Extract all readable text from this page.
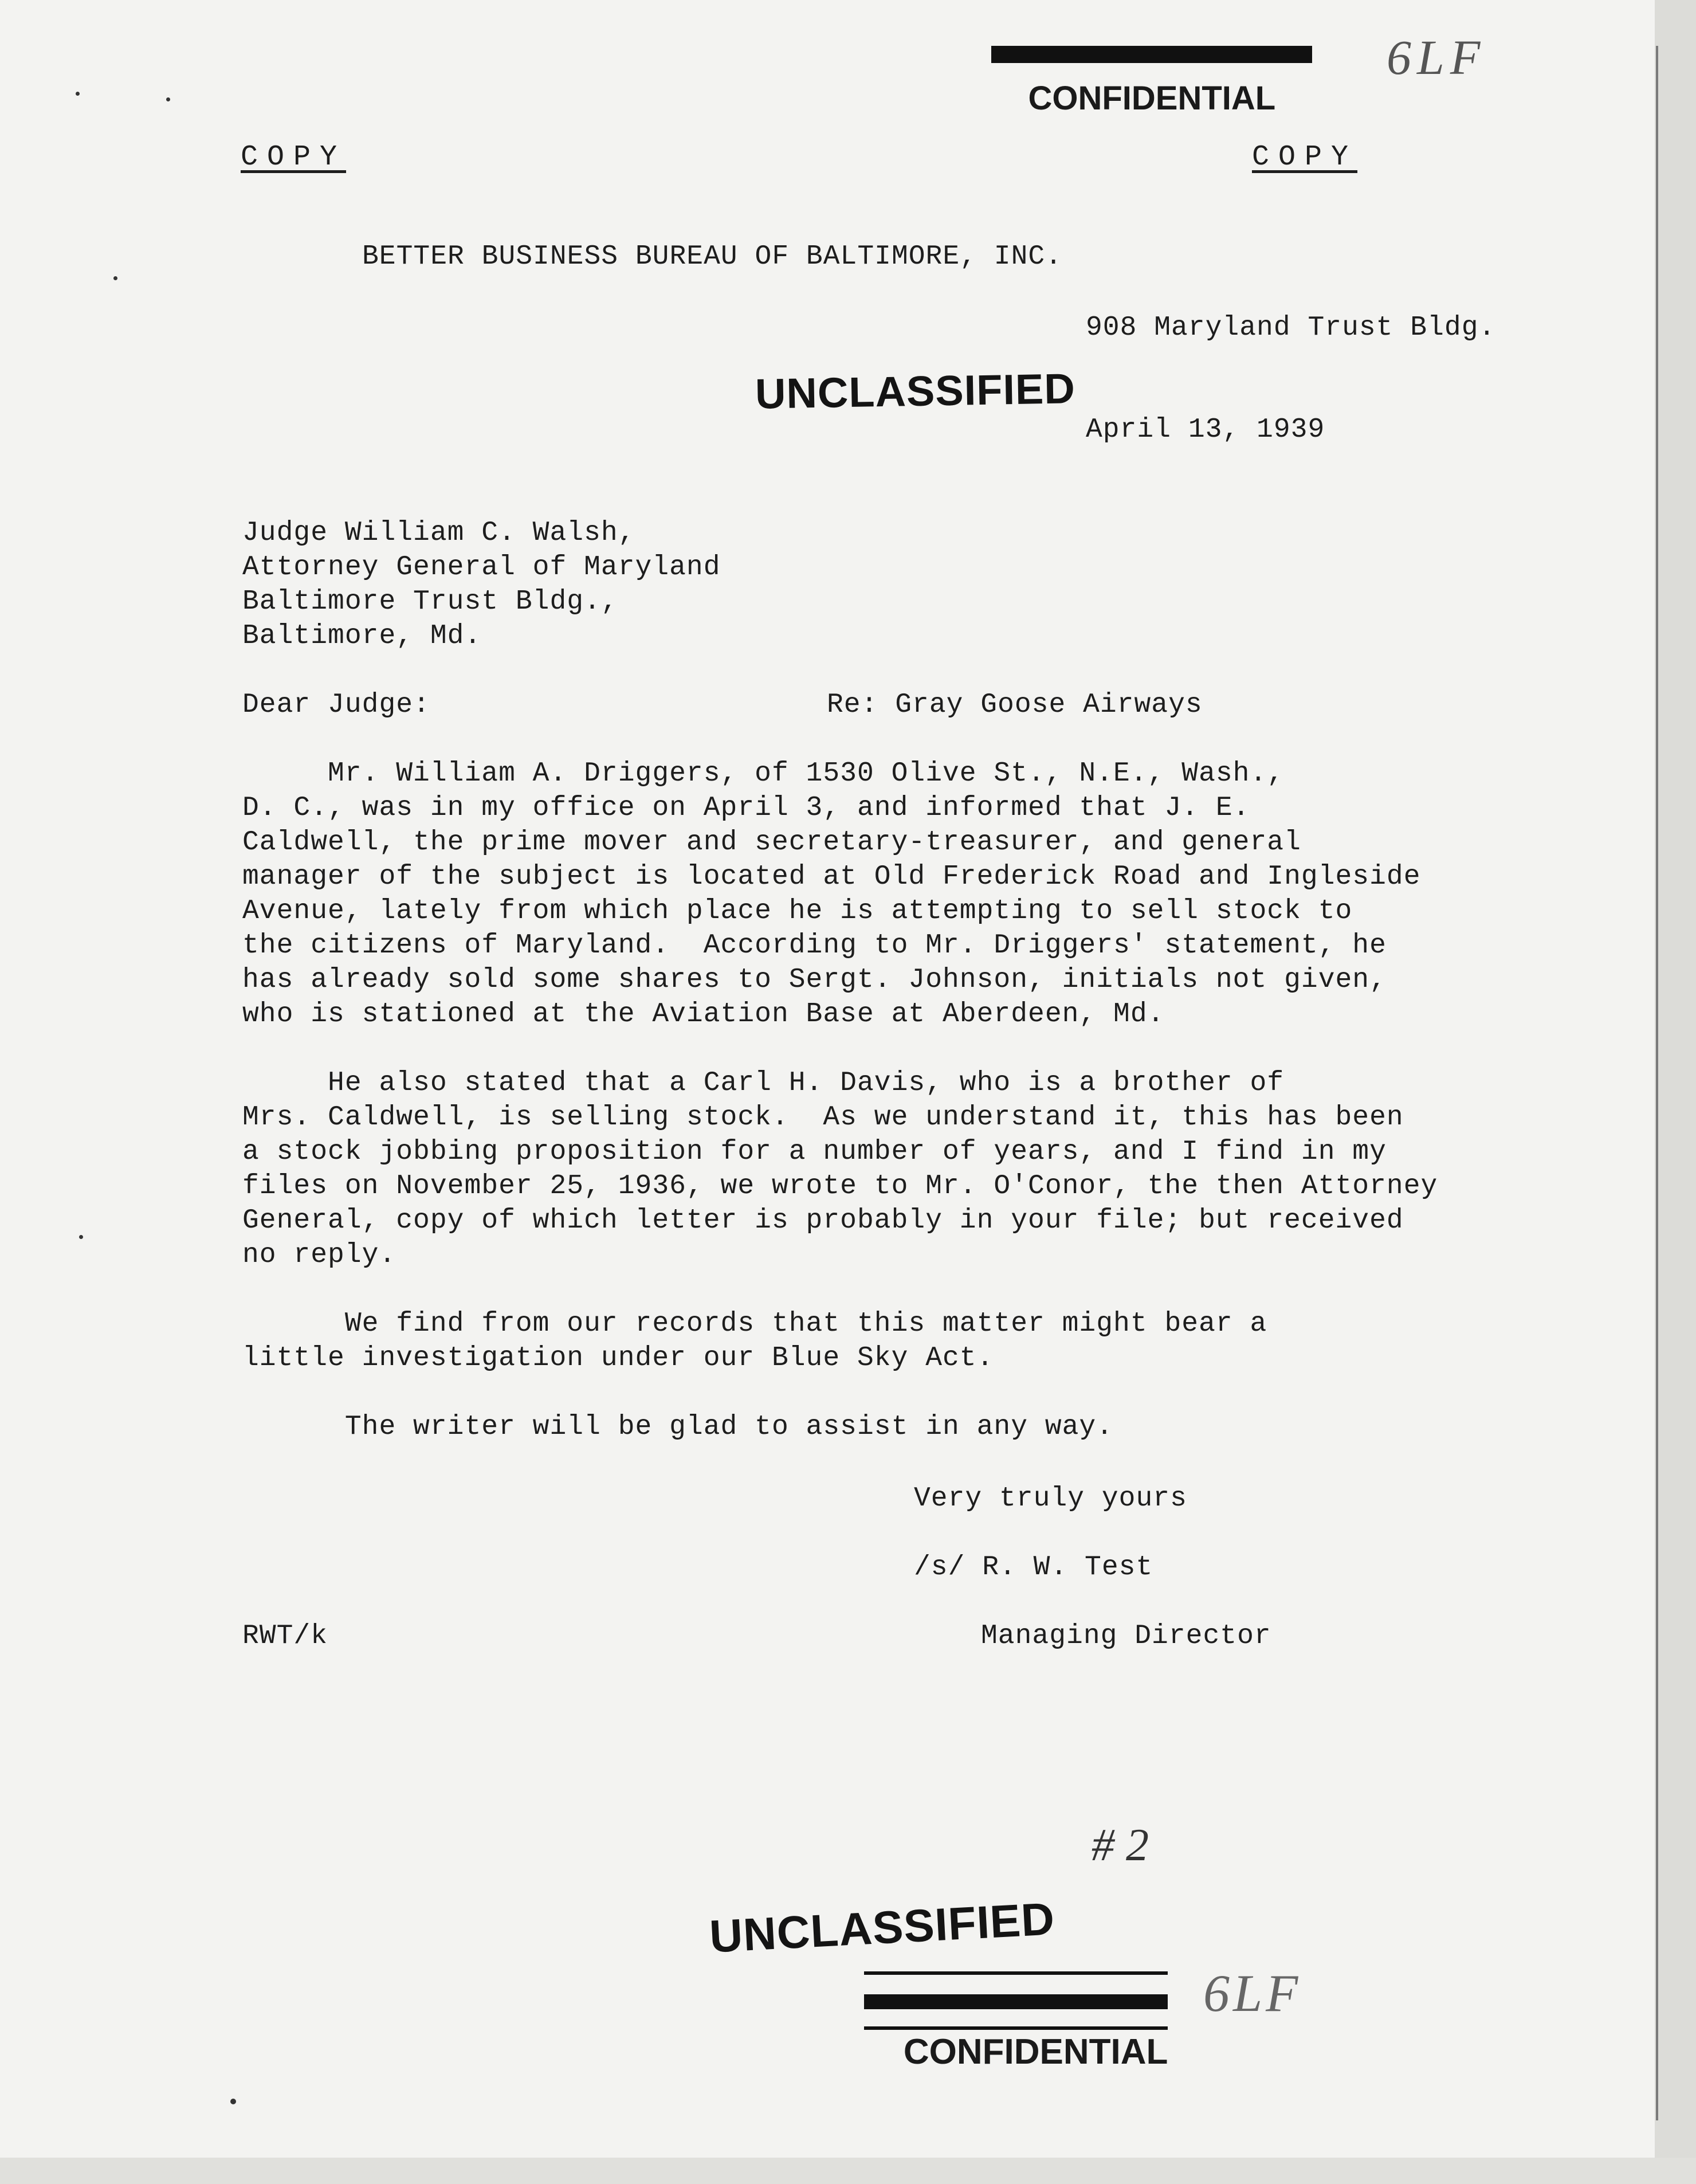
CONFIDENTIAL

6LF
COPY	COPY
BETTER BUSINESS BUREAU OF BALTIMORE, INC.
908 Maryland Trust Bldg.
UNCLASSIFIED
April 13, 1939
Judge William C. Walsh,
Attorney General of Maryland
Baltimore Trust Bldg.,
Baltimore, Md.
Dear Judge:	Re: Gray Goose Airways
Mr. William A. Driggers, of 1530 Olive St., N.E., Wash.,
D. C., was in my office on April 3, and informed that J. E.
Caldwell, the prime mover and secretary-treasurer, and general
manager of the subject is located at Old Frederick Road and Ingleside
Avenue, lately from which place he is attempting to sell stock to
the citizens of Maryland.  According to Mr. Driggers' statement, he
has already sold some shares to Sergt. Johnson, initials not given,
who is stationed at the Aviation Base at Aberdeen, Md.
He also stated that a Carl H. Davis, who is a brother of
Mrs. Caldwell, is selling stock.  As we understand it, this has been
a stock jobbing proposition for a number of years, and I find in my
files on November 25, 1936, we wrote to Mr. O'Conor, the then Attorney
General, copy of which letter is probably in your file; but received
no reply.
We find from our records that this matter might bear a
little investigation under our Blue Sky Act.
The writer will be glad to assist in any way.
Very truly yours
/s/ R. W. Test
RWT/k	Managing Director
# 2
UNCLASSIFIED

CONFIDENTIAL

6LF
